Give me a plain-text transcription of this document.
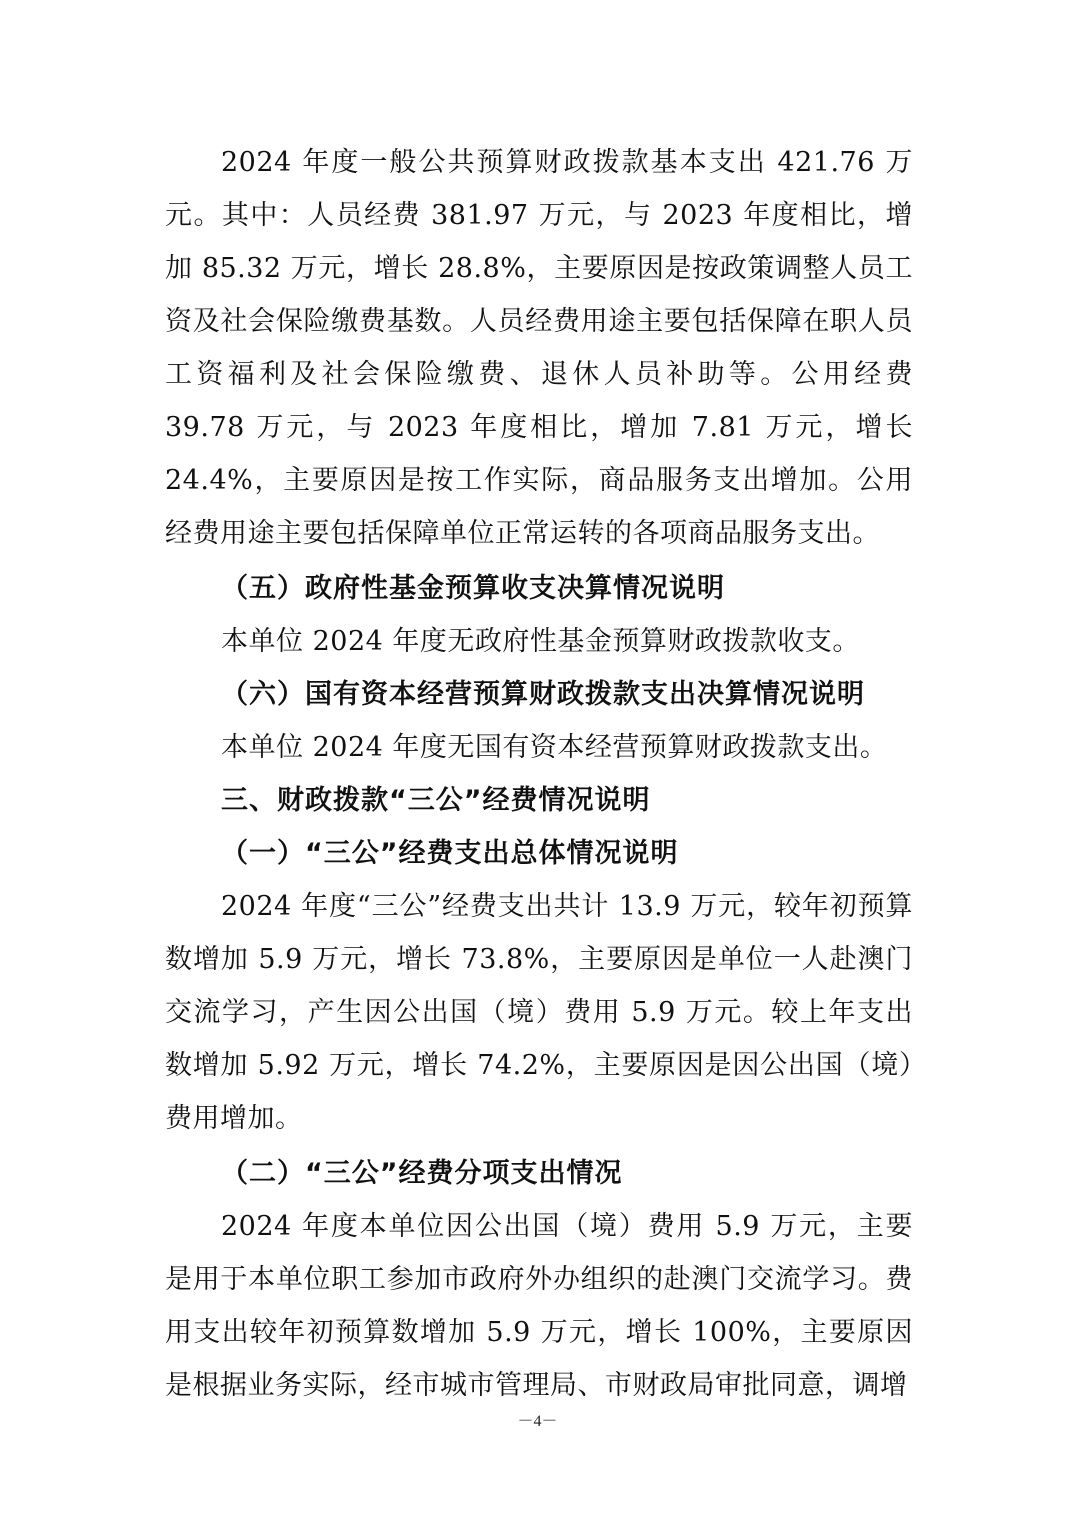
2024 年度一般公共预算财政拨款基本支出 421.76 万元。其中：人员经费 381.97 万元，与 2023 年度相比，增加 85.32 万元，增长 28.8%，主要原因是按政策调整人员工资及社会保险缴费基数。人员经费用途主要包括保障在职人员工资福利及社会保险缴费、退休人员补助等。公用经费 39.78 万元，与 2023 年度相比，增加 7.81 万元，增长 24.4%，主要原因是按工作实际，商品服务支出增加。公用经费用途主要包括保障单位正常运转的各项商品服务支出。

（五）政府性基金预算收支决算情况说明

本单位 2024 年度无政府性基金预算财政拨款收支。

（六）国有资本经营预算财政拨款支出决算情况说明

本单位 2024 年度无国有资本经营预算财政拨款支出。

三、财政拨款“三公”经费情况说明

（一）“三公”经费支出总体情况说明

2024 年度“三公”经费支出共计 13.9 万元，较年初预算数增加 5.9 万元，增长 73.8%，主要原因是单位一人赴澳门交流学习，产生因公出国（境）费用 5.9 万元。较上年支出数增加 5.92 万元，增长 74.2%，主要原因是因公出国（境）费用增加。

（二）“三公”经费分项支出情况

2024 年度本单位因公出国（境）费用 5.9 万元，主要是用于本单位职工参加市政府外办组织的赴澳门交流学习。费用支出较年初预算数增加 5.9 万元，增长 100%，主要原因是根据业务实际，经市城市管理局、市财政局审批同意，调增

－4－
